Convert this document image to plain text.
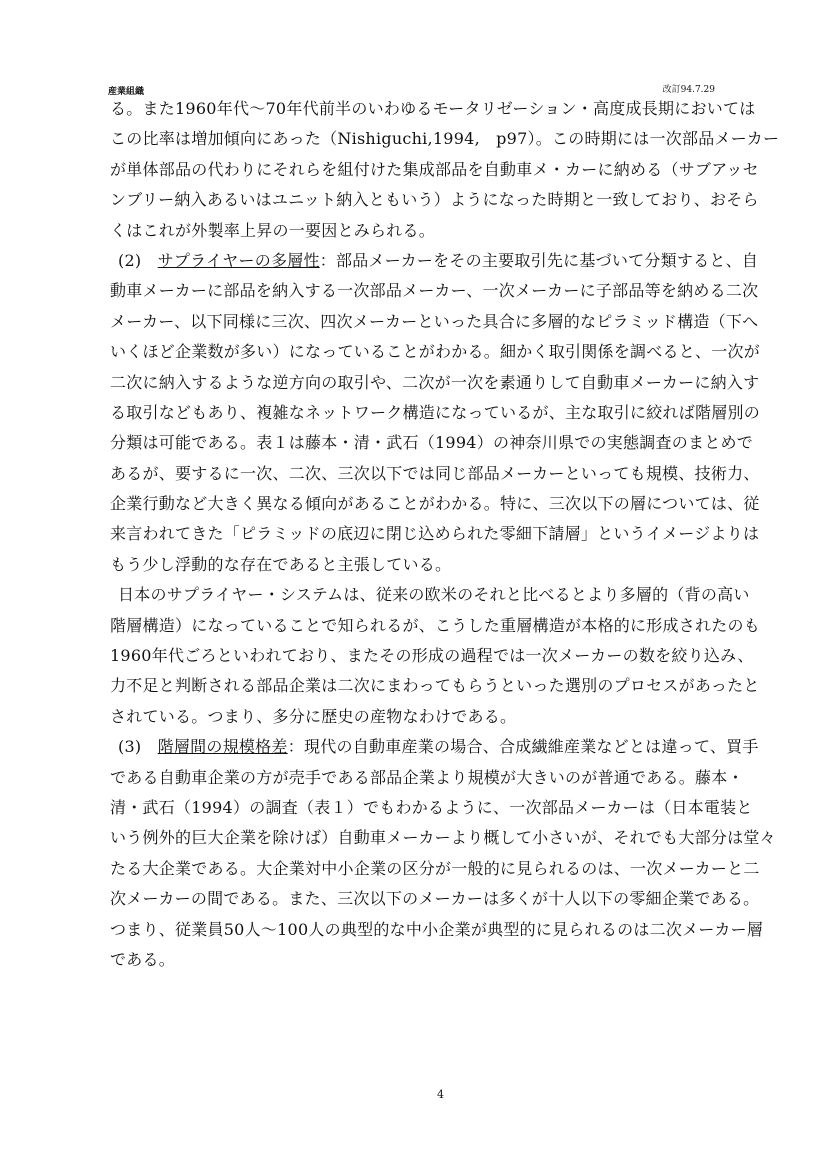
産業組織	改訂94.7.29
る。また1960年代～70年代前半のいわゆるモータリゼーション・高度成長期においては
この比率は増加傾向にあった（Nishiguchi,1994,　p97）。この時期には一次部品メーカー
が単体部品の代わりにそれらを組付けた集成部品を自動車メ・カーに納める（サブアッセ
ンブリー納入あるいはユニット納入ともいう）ようになった時期と一致しており、おそら
くはこれが外製率上昇の一要因とみられる。
(2)　サプライヤーの多層性：部品メーカーをその主要取引先に基づいて分類すると、自
動車メーカーに部品を納入する一次部品メーカー、一次メーカーに子部品等を納める二次
メーカー、以下同様に三次、四次メーカーといった具合に多層的なピラミッド構造（下へ
いくほど企業数が多い）になっていることがわかる。細かく取引関係を調べると、一次が
二次に納入するような逆方向の取引や、二次が一次を素通りして自動車メーカーに納入す
る取引などもあり、複雑なネットワーク構造になっているが、主な取引に絞れば階層別の
分類は可能である。表１は藤本・清・武石（1994）の神奈川県での実態調査のまとめで
あるが、要するに一次、二次、三次以下では同じ部品メーカーといっても規模、技術力、
企業行動など大きく異なる傾向があることがわかる。特に、三次以下の層については、従
来言われてきた「ピラミッドの底辺に閉じ込められた零細下請層」というイメージよりは
もう少し浮動的な存在であると主張している。
日本のサプライヤー・システムは、従来の欧米のそれと比べるとより多層的（背の高い
階層構造）になっていることで知られるが、こうした重層構造が本格的に形成されたのも
1960年代ごろといわれており、またその形成の過程では一次メーカーの数を絞り込み、
力不足と判断される部品企業は二次にまわってもらうといった選別のプロセスがあったと
されている。つまり、多分に歴史の産物なわけである。
(3)　階層間の規模格差：現代の自動車産業の場合、合成繊維産業などとは違って、買手
である自動車企業の方が売手である部品企業より規模が大きいのが普通である。藤本・
清・武石（1994）の調査（表１）でもわかるように、一次部品メーカーは（日本電装と
いう例外的巨大企業を除けば）自動車メーカーより概して小さいが、それでも大部分は堂々
たる大企業である。大企業対中小企業の区分が一般的に見られるのは、一次メーカーと二
次メーカーの間である。また、三次以下のメーカーは多くが十人以下の零細企業である。
つまり、従業員50人～100人の典型的な中小企業が典型的に見られるのは二次メーカー層
である。
4
